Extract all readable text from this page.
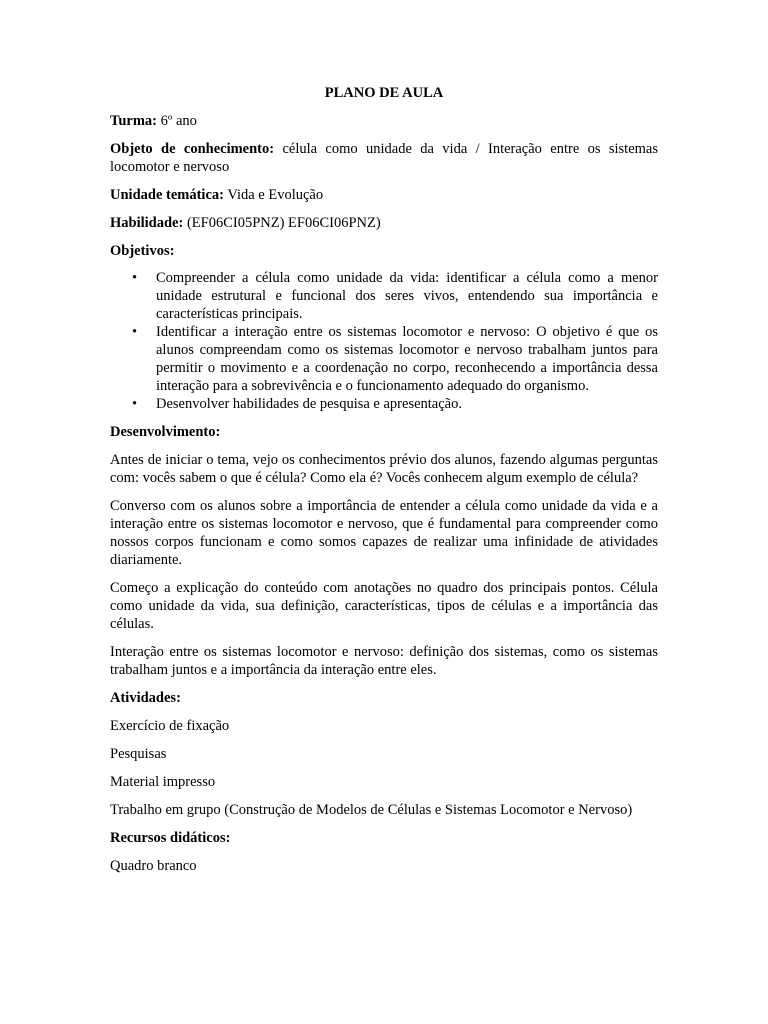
PLANO DE AULA

Turma: 6º ano

Objeto de conhecimento: célula como unidade da vida / Interação entre os sistemas locomotor e nervoso

Unidade temática: Vida e Evolução

Habilidade: (EF06CI05PNZ) EF06CI06PNZ)

Objetivos:
• Compreender a célula como unidade da vida: identificar a célula como a menor unidade estrutural e funcional dos seres vivos, entendendo sua importância e características principais.
• Identificar a interação entre os sistemas locomotor e nervoso: O objetivo é que os alunos compreendam como os sistemas locomotor e nervoso trabalham juntos para permitir o movimento e a coordenação no corpo, reconhecendo a importância dessa interação para a sobrevivência e o funcionamento adequado do organismo.
• Desenvolver habilidades de pesquisa e apresentação.
Desenvolvimento:

Antes de iniciar o tema, vejo os conhecimentos prévio dos alunos, fazendo algumas perguntas com: vocês sabem o que é célula? Como ela é? Vocês conhecem algum exemplo de célula?

Converso com os alunos sobre a importância de entender a célula como unidade da vida e a interação entre os sistemas locomotor e nervoso, que é fundamental para compreender como nossos corpos funcionam e como somos capazes de realizar uma infinidade de atividades diariamente.

Começo a explicação do conteúdo com anotações no quadro dos principais pontos. Célula como unidade da vida, sua definição, características, tipos de células e a importância das células.

Interação entre os sistemas locomotor e nervoso: definição dos sistemas, como os sistemas trabalham juntos e a importância da interação entre eles.

Atividades:

Exercício de fixação

Pesquisas

Material impresso

Trabalho em grupo (Construção de Modelos de Células e Sistemas Locomotor e Nervoso)

Recursos didáticos:

Quadro branco
